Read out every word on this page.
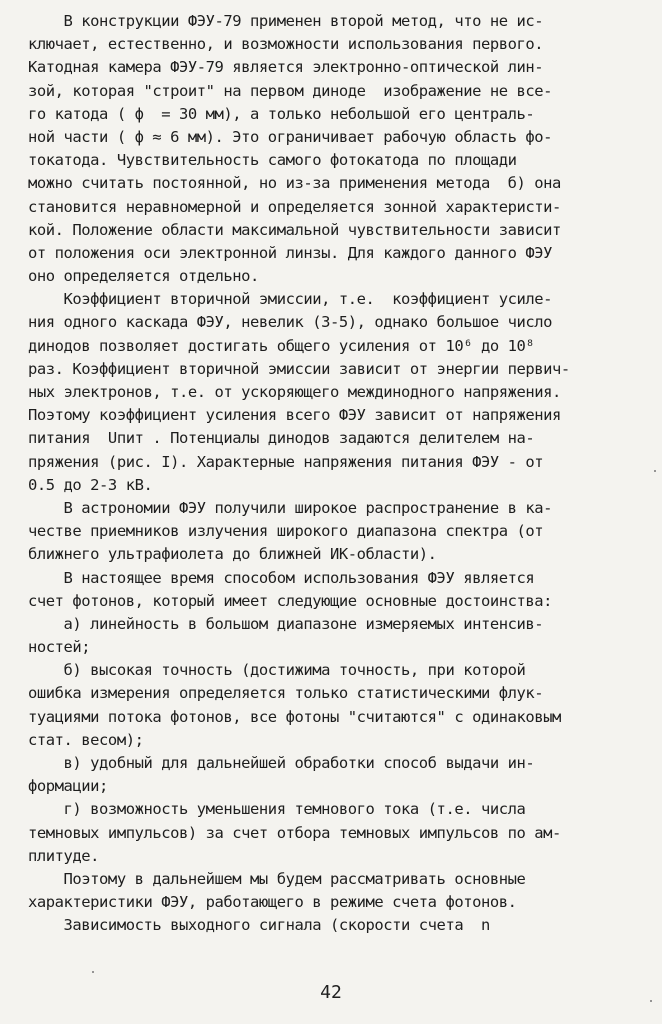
В конструкции ФЭУ-79 применен второй метод, что не ис-
ключает, естественно, и возможности использования первого.
Катодная камера ФЭУ-79 является электронно-оптической лин-
зой, которая "строит" на первом диноде  изображение не все-
го катода ( ϕ  = 30 мм), а только небольшой его централь-
ной части ( ϕ ≈ 6 мм). Это ограничивает рабочую область фо-
токатода. Чувствительность самого фотокатода по площади
можно считать постоянной, но из-за применения метода  б) она
становится неравномерной и определяется зонной характеристи-
кой. Положение области максимальной чувствительности зависит
от положения оси электронной линзы. Для каждого данного ФЭУ
оно определяется отдельно.
Коэффициент вторичной эмиссии, т.е.  коэффициент усиле-
ния одного каскада ФЭУ, невелик (3-5), однако большое число
динодов позволяет достигать общего усиления от 10⁶ до 10⁸
раз. Коэффициент вторичной эмиссии зависит от энергии первич-
ных электронов, т.е. от ускоряющего междинодного напряжения.
Поэтому коэффициент усиления всего ФЭУ зависит от напряжения
питания  Uпит . Потенциалы динодов задаются делителем на-
пряжения (рис. I). Характерные напряжения питания ФЭУ - от
0.5 до 2-3 кВ.
В астрономии ФЭУ получили широкое распространение в ка-
честве приемников излучения широкого диапазона спектра (от
ближнего ультрафиолета до ближней ИК-области).
В настоящее время способом использования ФЭУ является
счет фотонов, который имеет следующие основные достоинства:
а) линейность в большом диапазоне измеряемых интенсив-
ностей;
б) высокая точность (достижима точность, при которой
ошибка измерения определяется только статистическими флук-
туациями потока фотонов, все фотоны "считаются" с одинаковым
стат. весом);
в) удобный для дальнейшей обработки способ выдачи ин-
формации;
г) возможность уменьшения темнового тока (т.е. числа
темновых импульсов) за счет отбора темновых импульсов по ам-
плитуде.
Поэтому в дальнейшем мы будем рассматривать основные
характеристики ФЭУ, работающего в режиме счета фотонов.
Зависимость выходного сигнала (скорости счета  n
42
